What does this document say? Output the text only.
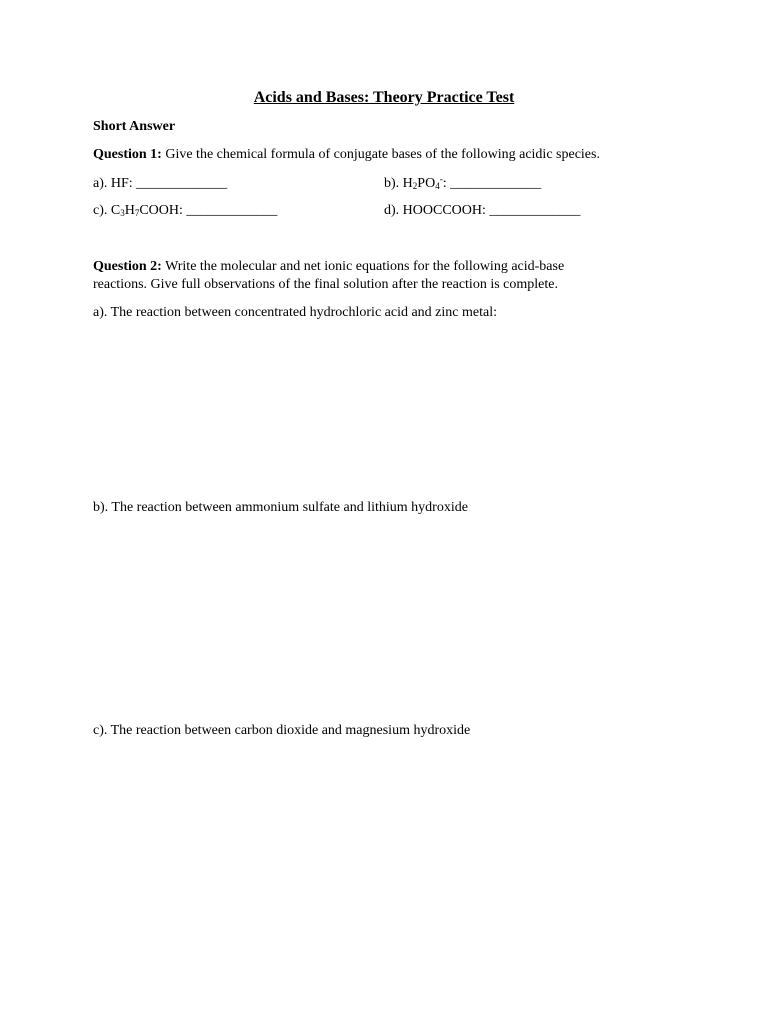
Acids and Bases: Theory Practice Test

Short Answer

Question 1: Give the chemical formula of conjugate bases of the following acidic species.

a). HF: _____________	b). $H_2PO_4^-$: _____________

c). $C_3H_7COOH$: _____________	d). HOOCCOOH: _____________

Question 2: Write the molecular and net ionic equations for the following acid-base

reactions. Give full observations of the final solution after the reaction is complete.

a). The reaction between concentrated hydrochloric acid and zinc metal:

b). The reaction between ammonium sulfate and lithium hydroxide

c). The reaction between carbon dioxide and magnesium hydroxide
